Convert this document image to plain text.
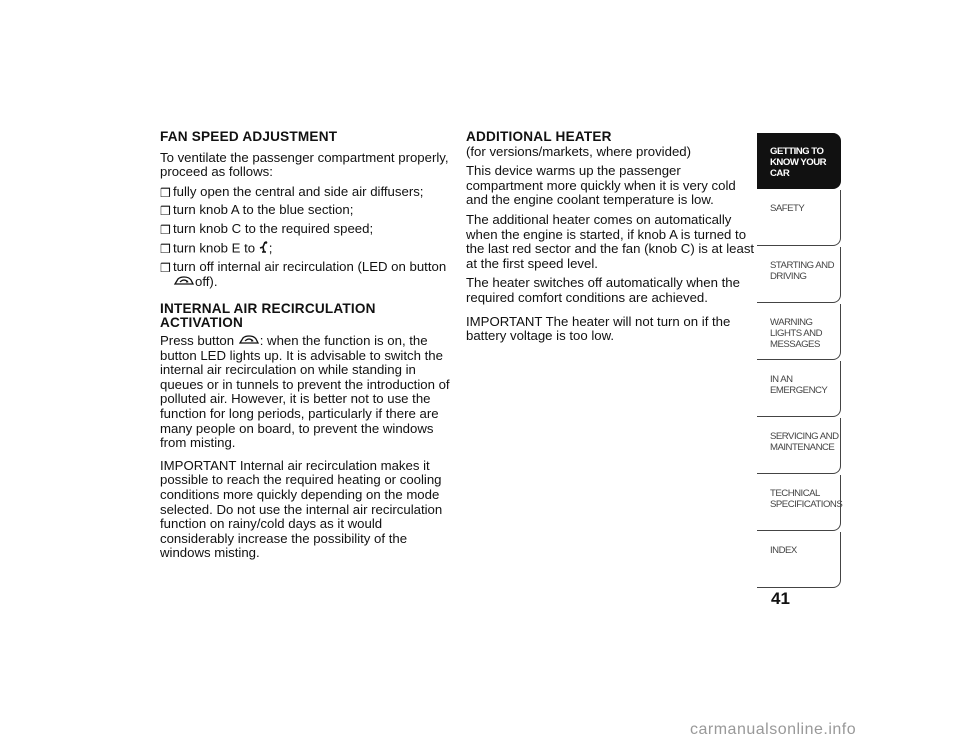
FAN SPEED ADJUSTMENT

To ventilate the passenger compartment properly, proceed as follows:

❒ fully open the central and side air diffusers;
❒ turn knob A to the blue section;
❒ turn knob C to the required speed;
❒ turn knob E to ;
❒ turn off internal air recirculation (LED on button
off).

INTERNAL AIR RECIRCULATION

ACTIVATION

Press button : when the function is on, the button LED lights up. It is advisable to switch the internal air recirculation on while standing in queues or in tunnels to prevent the introduction of polluted air. However, it is better not to use the function for long periods, particularly if there are many people on board, to prevent the windows from misting.

IMPORTANT Internal air recirculation makes it possible to reach the required heating or cooling conditions more quickly depending on the mode selected. Do not use the internal air recirculation function on rainy/cold days as it would considerably increase the possibility of the windows misting.

ADDITIONAL HEATER

(for versions/markets, where provided)

This device warms up the passenger compartment more quickly when it is very cold and the engine coolant temperature is low.

The additional heater comes on automatically when the engine is started, if knob A is turned to the last red sector and the fan (knob C) is at least at the first speed level.

The heater switches off automatically when the required comfort conditions are achieved.

IMPORTANT The heater will not turn on if the battery voltage is too low.

GETTING TO KNOW YOUR CAR
SAFETY
STARTING AND DRIVING
WARNING LIGHTS AND MESSAGES
IN AN EMERGENCY
SERVICING AND MAINTENANCE
TECHNICAL SPECIFICATIONS
INDEX
41
carmanualsonline.info
